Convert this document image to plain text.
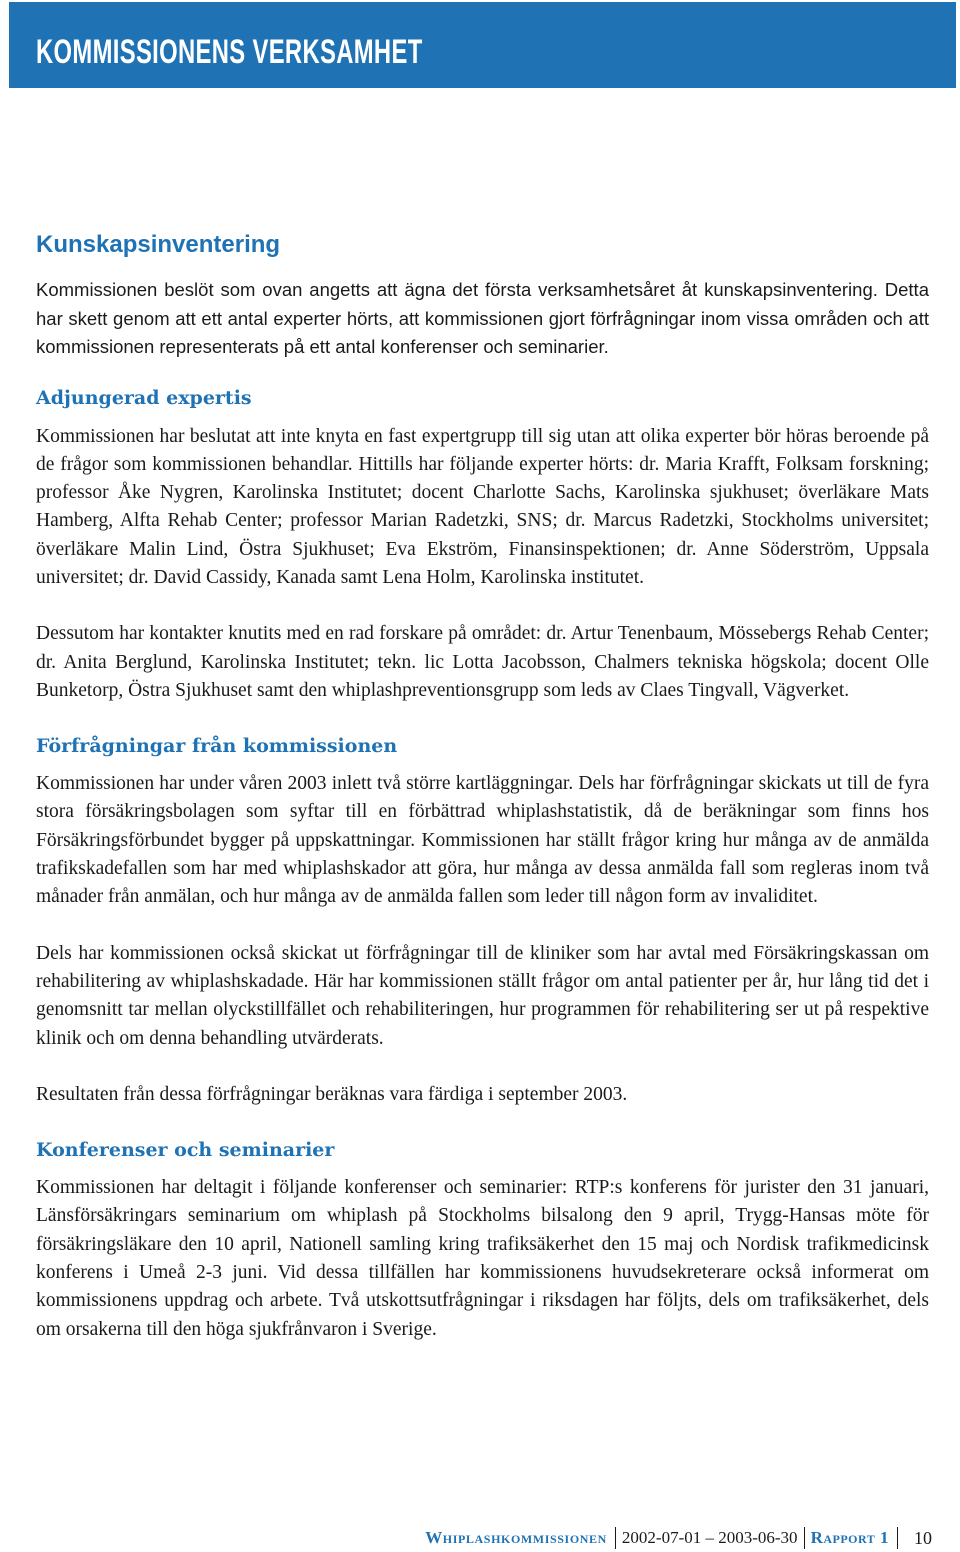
KOMMISSIONENS VERKSAMHET
Kunskapsinventering

Kommissionen beslöt som ovan angetts att ägna det första verksamhetsåret åt kunskapsinventering. Detta har skett genom att ett antal experter hörts, att kommissionen gjort förfrågningar inom vissa områden och att kommissionen representerats på ett antal konferenser och seminarier.

Adjungerad expertis

Kommissionen har beslutat att inte knyta en fast expertgrupp till sig utan att olika experter bör höras beroende på de frågor som kommissionen behandlar. Hittills har följande experter hörts: dr. Maria Krafft, Folksam forskning; professor Åke Nygren, Karolinska Institutet; docent Charlotte Sachs, Karolinska sjukhuset; överläkare Mats Hamberg, Alfta Rehab Center; professor Marian Radetzki, SNS; dr. Marcus Radetzki, Stockholms universitet; överläkare Malin Lind, Östra Sjukhuset; Eva Ekström, Finansinspektionen; dr. Anne Söderström, Uppsala universitet; dr. David Cassidy, Kanada samt Lena Holm, Karolinska institutet.

Dessutom har kontakter knutits med en rad forskare på området: dr. Artur Tenenbaum, Mössebergs Rehab Center; dr. Anita Berglund, Karolinska Institutet; tekn. lic Lotta Jacobsson, Chalmers tekniska högskola; docent Olle Bunketorp, Östra Sjukhuset samt den whiplashpreventionsgrupp som leds av Claes Tingvall, Vägverket.

Förfrågningar från kommissionen

Kommissionen har under våren 2003 inlett två större kartläggningar. Dels har förfrågningar skickats ut till de fyra stora försäkringsbolagen som syftar till en förbättrad whiplashstatistik, då de beräkningar som finns hos Försäkringsförbundet bygger på uppskattningar. Kommissionen har ställt frågor kring hur många av de anmälda trafikskadefallen som har med whiplashskador att göra, hur många av dessa anmälda fall som regleras inom två månader från anmälan, och hur många av de anmälda fallen som leder till någon form av invaliditet.

Dels har kommissionen också skickat ut förfrågningar till de kliniker som har avtal med Försäkringskassan om rehabilitering av whiplashskadade. Här har kommissionen ställt frågor om antal patienter per år, hur lång tid det i genomsnitt tar mellan olyckstillfället och rehabiliteringen, hur programmen för rehabilitering ser ut på respektive klinik och om denna behandling utvärderats.

Resultaten från dessa förfrågningar beräknas vara färdiga i september 2003.

Konferenser och seminarier

Kommissionen har deltagit i följande konferenser och seminarier: RTP:s konferens för jurister den 31 januari, Länsförsäkringars seminarium om whiplash på Stockholms bilsalong den 9 april, Trygg-Hansas möte för försäkringsläkare den 10 april, Nationell samling kring trafiksäkerhet den 15 maj och Nordisk trafikmedicinsk konferens i Umeå 2-3 juni. Vid dessa tillfällen har kommissionens huvudsekreterare också informerat om kommissionens uppdrag och arbete. Två utskottsutfrågningar i riksdagen har följts, dels om trafiksäkerhet, dels om orsakerna till den höga sjukfrånvaron i Sverige.

Whiplashkommissionen 2002-07-01 – 2003-06-30 Rapport 1	10
